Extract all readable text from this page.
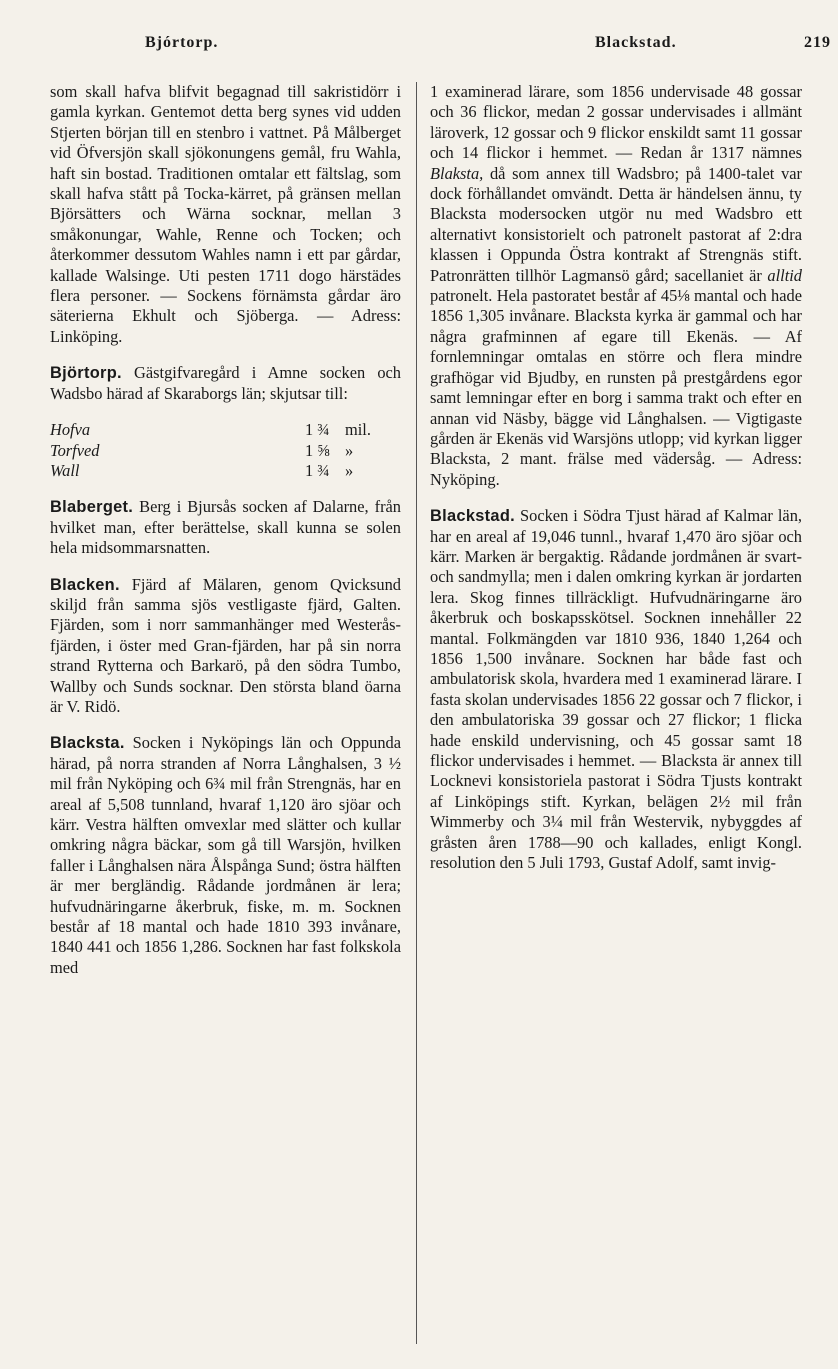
Bjórtorp.	Blackstad.	219

som skall hafva blifvit begagnad till sakristidörr i gamla kyrkan. Gentemot detta berg synes vid udden Stjerten början till en stenbro i vattnet. På Målberget vid Öfversjön skall sjökonungens gemål, fru Wahla, haft sin bostad. Traditionen omtalar ett fältslag, som skall hafva stått på Tocka-kärret, på gränsen mellan Björsätters och Wärna socknar, mellan 3 småkonungar, Wahle, Renne och Tocken; och återkommer dessutom Wahles namn i ett par gårdar, kallade Walsinge. Uti pesten 1711 dogo härstädes flera personer. — Sockens förnämsta gårdar äro säterierna Ekhult och Sjöberga. — Adress: Linköping.

Björtorp. Gästgifvaregård i Amne socken och Wadsbo härad af Skaraborgs län; skjutsar till:

Hofva	1 ¾	mil.
Torfved	1 ⅝	»
Wall	1 ¾	»

Blaberget. Berg i Bjursås socken af Dalarne, från hvilket man, efter berättelse, skall kunna se solen hela midsommarsnatten.

Blacken. Fjärd af Mälaren, genom Qvicksund skiljd från samma sjös vestligaste fjärd, Galten. Fjärden, som i norr sammanhänger med Westerås-fjärden, i öster med Gran-fjärden, har på sin norra strand Rytterna och Barkarö, på den södra Tumbo, Wallby och Sunds socknar. Den största bland öarna är V. Ridö.

Blacksta. Socken i Nyköpings län och Oppunda härad, på norra stranden af Norra Långhalsen, 3 ½ mil från Nyköping och 6¾ mil från Strengnäs, har en areal af 5,508 tunnland, hvaraf 1,120 äro sjöar och kärr. Vestra hälften omvexlar med slätter och kullar omkring några bäckar, som gå till Warsjön, hvilken faller i Långhalsen nära Ålspånga Sund; östra hälften är mer bergländig. Rådande jordmånen är lera; hufvudnäringarne åkerbruk, fiske, m. m. Socknen består af 18 mantal och hade 1810 393 invånare, 1840 441 och 1856 1,286. Socknen har fast folkskola med

1 examinerad lärare, som 1856 undervisade 48 gossar och 36 flickor, medan 2 gossar undervisades i allmänt läroverk, 12 gossar och 9 flickor enskildt samt 11 gossar och 14 flickor i hemmet. — Redan år 1317 nämnes Blaksta, då som annex till Wadsbro; på 1400-talet var dock förhållandet omvändt. Detta är händelsen ännu, ty Blacksta modersocken utgör nu med Wadsbro ett alternativt konsistorielt och patronelt pastorat af 2:dra klassen i Oppunda Östra kontrakt af Strengnäs stift. Patronrätten tillhör Lagmansö gård; sacellaniet är alltid patronelt. Hela pastoratet består af 45⅛ mantal och hade 1856 1,305 invånare. Blacksta kyrka är gammal och har några grafminnen af egare till Ekenäs. — Af fornlemningar omtalas en större och flera mindre grafhögar vid Bjudby, en runsten på prestgårdens egor samt lemningar efter en borg i samma trakt och efter en annan vid Näsby, bägge vid Långhalsen. — Vigtigaste gården är Ekenäs vid Warsjöns utlopp; vid kyrkan ligger Blacksta, 2 mant. frälse med vädersåg. — Adress: Nyköping.

Blackstad. Socken i Södra Tjust härad af Kalmar län, har en areal af 19,046 tunnl., hvaraf 1,470 äro sjöar och kärr. Marken är bergaktig. Rådande jordmånen är svart- och sandmylla; men i dalen omkring kyrkan är jordarten lera. Skog finnes tillräckligt. Hufvudnäringarne äro åkerbruk och boskapsskötsel. Socknen innehåller 22 mantal. Folkmängden var 1810 936, 1840 1,264 och 1856 1,500 invånare. Socknen har både fast och ambulatorisk skola, hvardera med 1 examinerad lärare. I fasta skolan undervisades 1856 22 gossar och 7 flickor, i den ambulatoriska 39 gossar och 27 flickor; 1 flicka hade enskild undervisning, och 45 gossar samt 18 flickor undervisades i hemmet. — Blacksta är annex till Locknevi konsistoriela pastorat i Södra Tjusts kontrakt af Linköpings stift. Kyrkan, belägen 2½ mil från Wimmerby och 3¼ mil från Westervik, nybyggdes af gråsten åren 1788—90 och kallades, enligt Kongl. resolution den 5 Juli 1793, Gustaf Adolf, samt invig-
